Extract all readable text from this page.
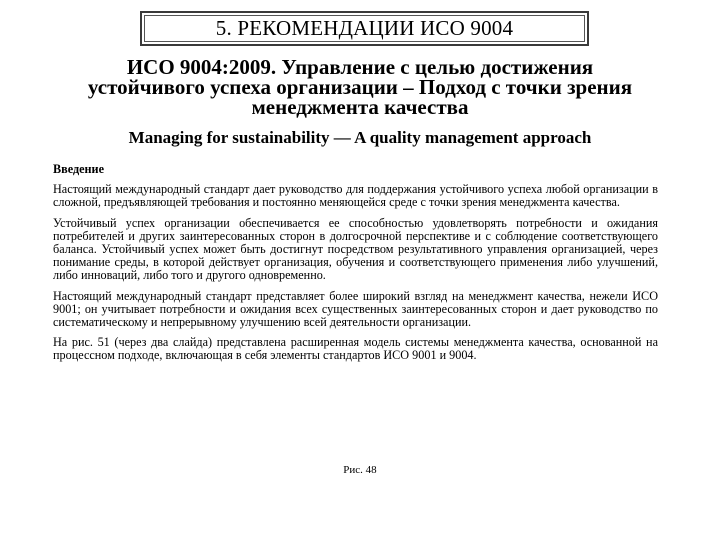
5. РЕКОМЕНДАЦИИ ИСО 9004
ИСО 9004:2009. Управление с целью достижения
устойчивого успеха организации – Подход с точки зрения
менеджмента качества
Managing for sustainability — A quality management approach

Введение

Настоящий международный стандарт дает руководство для поддержания устойчивого успеха любой организации в сложной, предъявляющей требования и постоянно меняющейся среде с точки зрения менеджмента качества.

Устойчивый успех организации обеспечивается ее способностью удовлетворять потребности и ожидания потребителей и других заинтересованных сторон в долгосрочной перспективе и с соблюдение соответствующего баланса. Устойчивый успех может быть достигнут посредством результативного управления организацией, через понимание среды, в которой действует организация, обучения и соответствующего применения либо улучшений, либо инноваций, либо того и другого одновременно.

Настоящий международный стандарт представляет более широкий взгляд на менеджмент качества, нежели ИСО 9001; он учитывает потребности и ожидания всех существенных заинтересованных сторон и дает руководство по систематическому и непрерывному улучшению всей деятельности организации.

На рис. 51 (через два слайда) представлена расширенная модель системы менеджмента качества, основанной на процессном подходе, включающая в себя элементы стандартов ИСО 9001 и 9004.

Рис. 48
